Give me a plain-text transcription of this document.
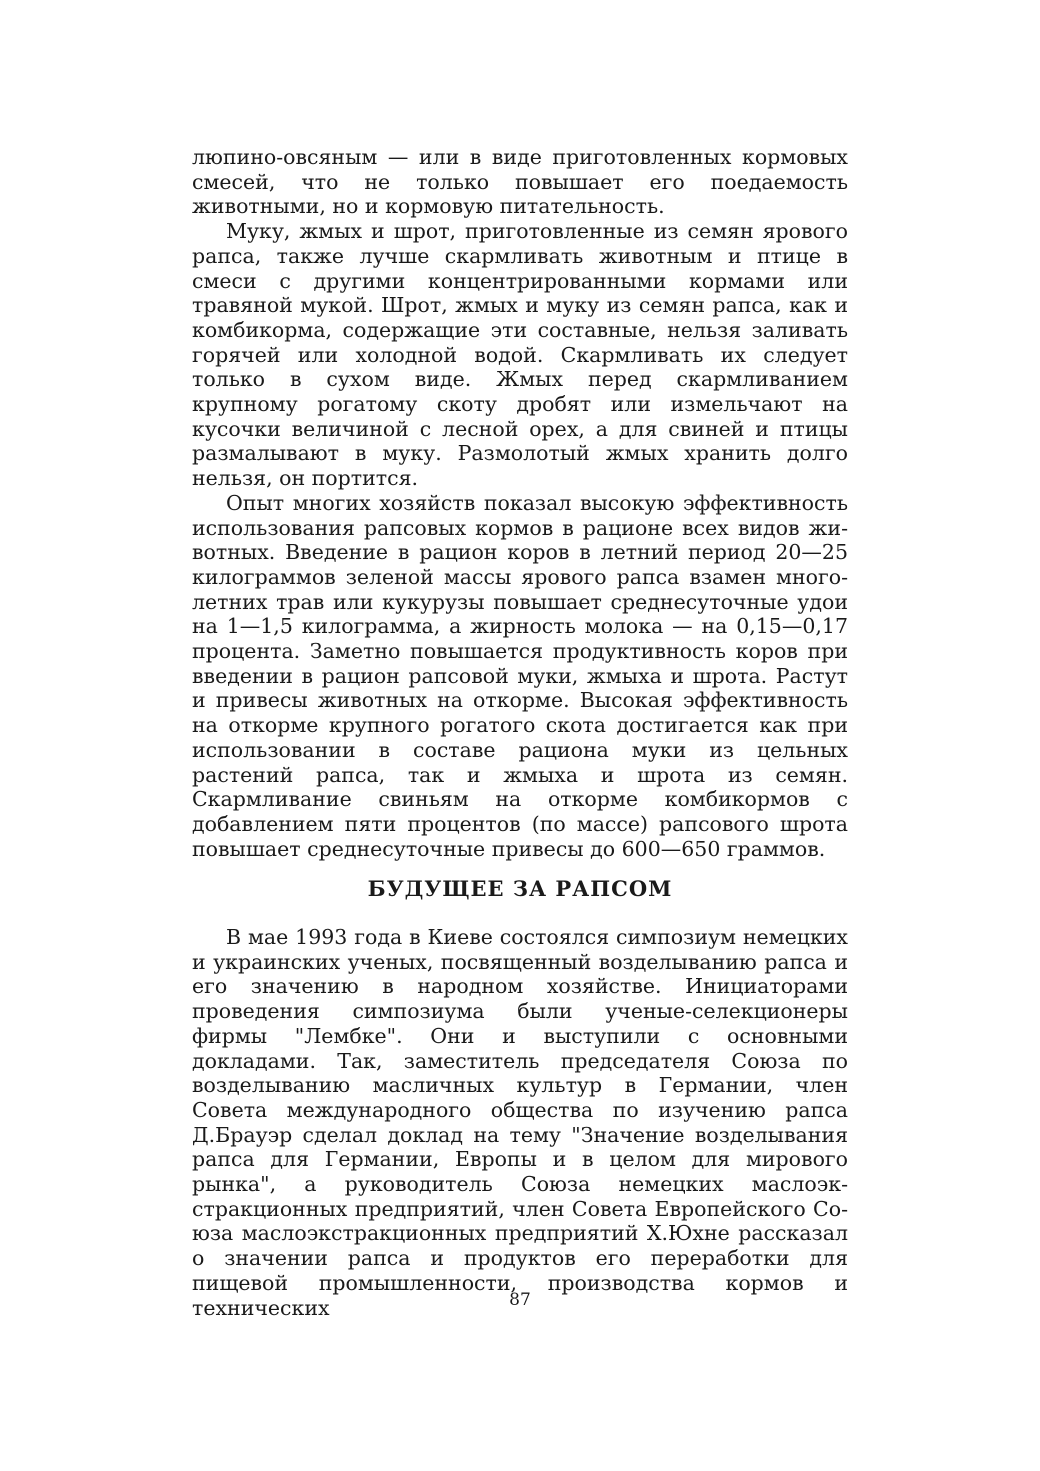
люпино-овсяным — или в виде приготовленных кормовых смесей, что не только повышает его поедаемость животными, но и кормовую питательность.

Муку, жмых и шрот, приготовленные из семян ярового рапса, также лучше скармливать животным и птице в смеси с другими концентрированными кормами или травяной мукой. Шрот, жмых и муку из семян рапса, как и комбикорма, содержащие эти составные, нельзя заливать горячей или холодной водой. Скармливать их следует только в сухом виде. Жмых перед скармливанием крупному рогатому скоту дробят или измельчают на кусочки величиной с лесной орех, а для свиней и птицы размалывают в муку. Размолотый жмых хранить долго нельзя, он портится.

Опыт многих хозяйств показал высокую эффективность использования рапсовых кормов в рационе всех видов животных. Введение в рацион коров в летний период 20—25 килограммов зеленой массы ярового рапса взамен многолетних трав или кукурузы повышает среднесуточные удои на 1—1,5 килограмма, а жирность молока — на 0,15—0,17 процента. Заметно повышается продуктивность коров при введении в рацион рапсовой муки, жмыха и шрота. Растут и привесы животных на откорме. Высокая эффективность на откорме крупного рогатого скота достигается как при использовании в составе рациона муки из цельных растений рапса, так и жмыха и шрота из семян. Скармливание свиньям на откорме комбикормов с добавлением пяти процентов (по массе) рапсового шрота повышает среднесуточные привесы до 600—650 граммов.

БУДУЩЕЕ ЗА РАПСОМ

В мае 1993 года в Киеве состоялся симпозиум немецких и украинских ученых, посвященный возделыванию рапса и его значению в народном хозяйстве. Инициаторами проведения симпозиума были ученые-селекционеры фирмы "Лембке". Они и выступили с основными докладами. Так, заместитель председателя Союза по возделыванию масличных культур в Германии, член Совета международного общества по изучению рапса Д.Брауэр сделал доклад на тему "Значение возделывания рапса для Германии, Европы и в целом для мирового рынка", а руководитель Союза немецких маслоэкстракционных предприятий, член Совета Европейского Союза маслоэкстракционных предприятий Х.Юхне рассказал о значении рапса и продуктов его переработки для пищевой промышленности, производства кормов и технических	87
